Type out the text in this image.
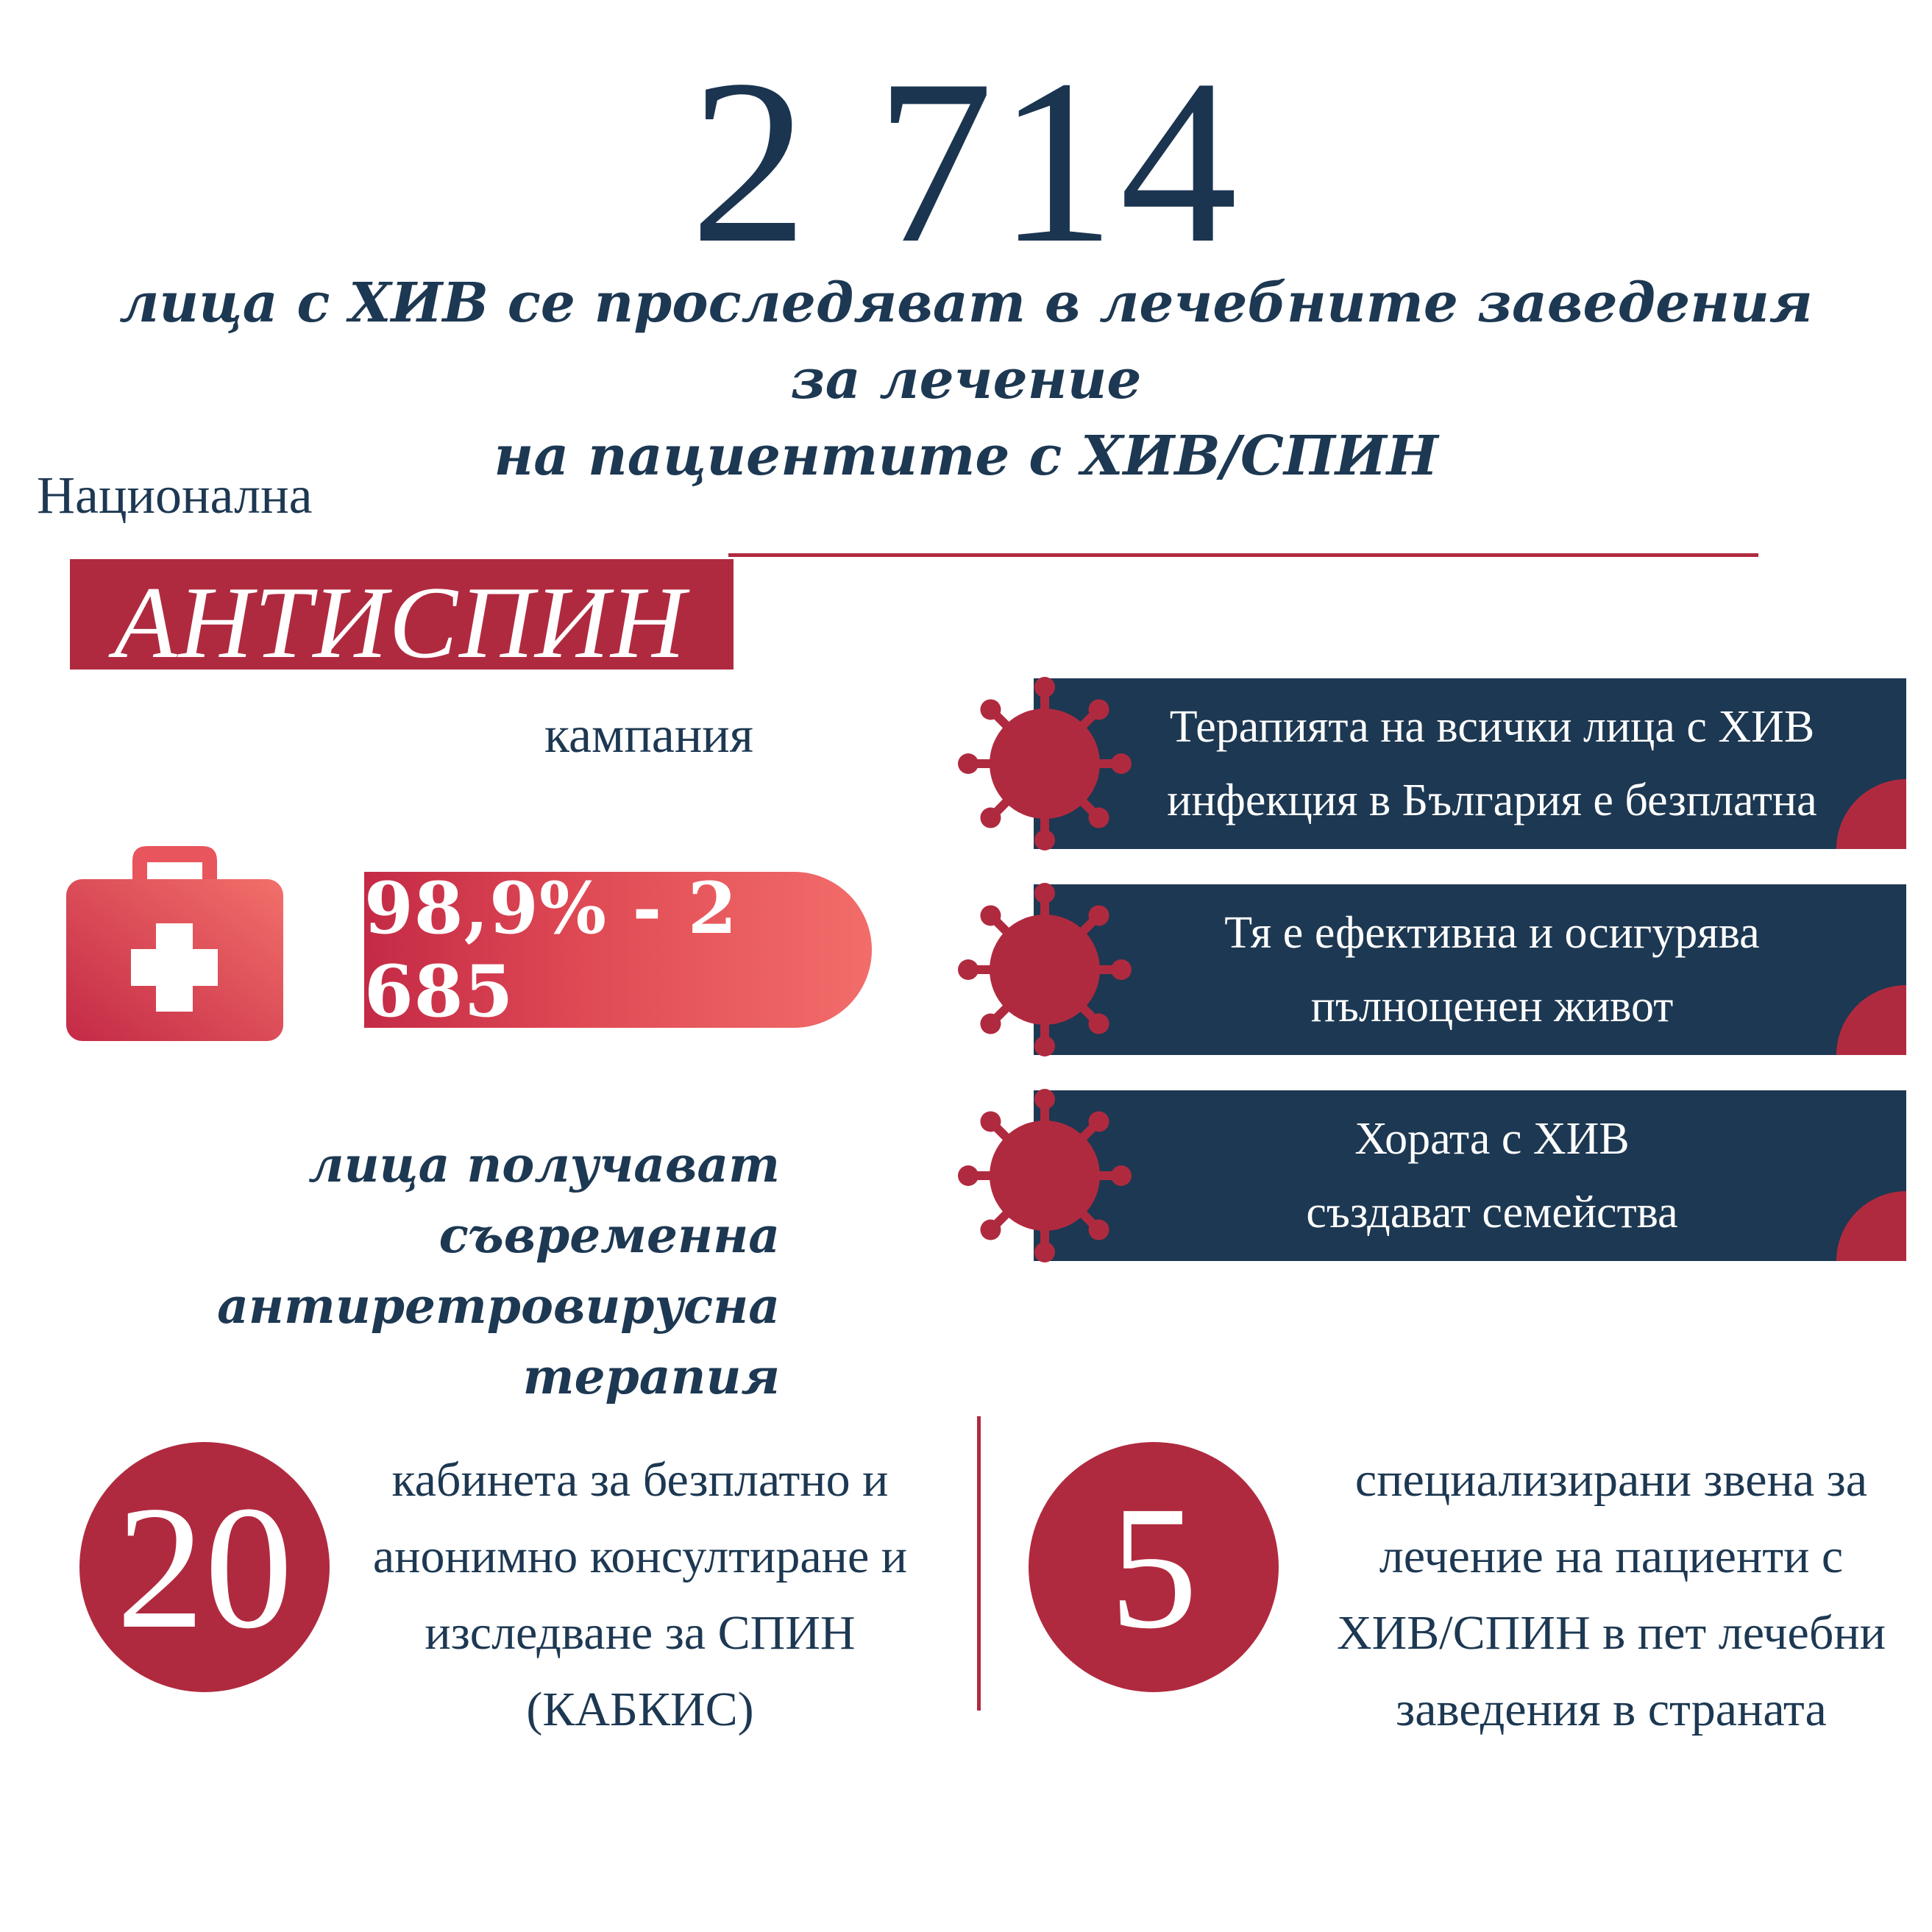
2 714
лица с ХИВ се проследяват в лечебните заведения за лечение
на пациентите с ХИВ/СПИН
Национална
АНТИСПИН
кампания
98,9% - 2 685
лица получават съвременна
антиретровирусна терапия
Терапията на всички лица с ХИВ
инфекция в България е безплатна
Тя е ефективна и осигурява
пълноценен живот
Хората с ХИВ
създават семейства
20	кабинета за безплатно и
анонимно консултиране и
изследване за СПИН
(КАБКИС)
5	специализирани звена за
лечение на пациенти с
ХИВ/СПИН в пет лечебни
заведения в страната
